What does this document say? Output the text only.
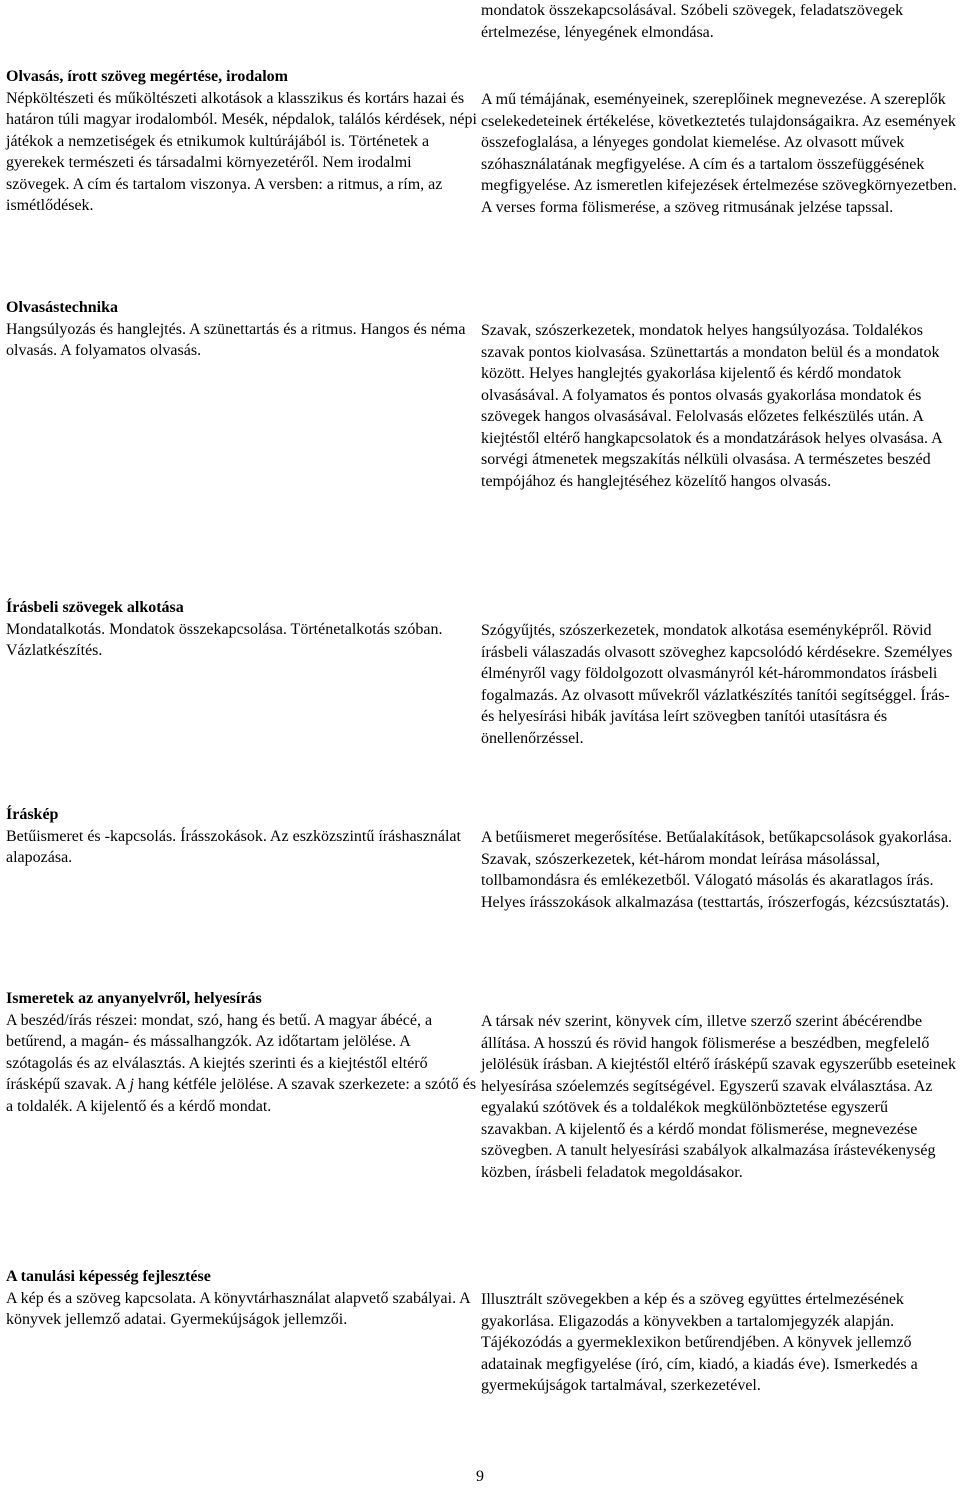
mondatok összekapcsolásával. Szóbeli szövegek, feladatszövegek értelmezése, lényegének elmondása.
Olvasás, írott szöveg megértése, irodalom
Népköltészeti és műköltészeti alkotások a klasszikus és kortárs hazai és határon túli magyar irodalomból. Mesék, népdalok, találós kérdések, népi játékok a nemzetiségek és etnikumok kultúrájából is. Történetek a gyerekek természeti és társadalmi környezetéről. Nem irodalmi szövegek. A cím és tartalom viszonya. A versben: a ritmus, a rím, az ismétlődések.
A mű témájának, eseményeinek, szereplőinek megnevezése. A szereplők cselekedeteinek értékelése, következtetés tulajdonságaikra. Az események összefoglalása, a lényeges gondolat kiemelése. Az olvasott művek szóhasználatának megfigyelése. A cím és a tartalom összefüggésének megfigyelése. Az ismeretlen kifejezések értelmezése szövegkörnyezetben. A verses forma fölismerése, a szöveg ritmusának jelzése tapssal.
Olvasástechnika
Hangsúlyozás és hanglejtés. A szünettartás és a ritmus. Hangos és néma olvasás. A folyamatos olvasás.
Szavak, szószerkezetek, mondatok helyes hangsúlyozása. Toldalékos szavak pontos kiolvasása. Szünettartás a mondaton belül és a mondatok között. Helyes hanglejtés gyakorlása kijelentő és kérdő mondatok olvasásával. A folyamatos és pontos olvasás gyakorlása mondatok és szövegek hangos olvasásával. Felolvasás előzetes felkészülés után. A kiejtéstől eltérő hangkapcsolatok és a mondatzárások helyes olvasása. A sorvégi átmenetek megszakítás nélküli olvasása. A természetes beszéd tempójához és hanglejtéséhez közelítő hangos olvasás.
Írásbeli szövegek alkotása
Mondatalkotás. Mondatok összekapcsolása. Történetalkotás szóban. Vázlatkészítés.
Szógyűjtés, szószerkezetek, mondatok alkotása eseményképről. Rövid írásbeli válaszadás olvasott szöveghez kapcsolódó kérdésekre. Személyes élményről vagy földolgozott olvasmányról két-hárommondatos írásbeli fogalmazás. Az olvasott művekről vázlatkészítés tanítói segítséggel. Írás- és helyesírási hibák javítása leírt szövegben tanítói utasításra és önellenőrzéssel.
Íráskép
Betűismeret és -kapcsolás. Írásszokások. Az eszközszintű íráshasználat alapozása.
A betűismeret megerősítése. Betűalakítások, betűkapcsolások gyakorlása. Szavak, szószerkezetek, két-három mondat leírása másolással, tollbamondásra és emlékezetből. Válogató másolás és akaratlagos írás. Helyes írásszokások alkalmazása (testtartás, írószerfogás, kézcsúsztatás).
Ismeretek az anyanyelvről, helyesírás
A beszéd/írás részei: mondat, szó, hang és betű. A magyar ábécé, a betűrend, a magán- és mássalhangzók. Az időtartam jelölése. A szótagolás és az elválasztás. A kiejtés szerinti és a kiejtéstől eltérő írásképű szavak. A j hang kétféle jelölése. A szavak szerkezete: a szótő és a toldalék. A kijelentő és a kérdő mondat.
A társak név szerint, könyvek cím, illetve szerző szerint ábécérendbe állítása. A hosszú és rövid hangok fölismerése a beszédben, megfelelő jelölésük írásban. A kiejtéstől eltérő írásképű szavak egyszerűbb eseteinek helyesírása szóelemzés segítségével. Egyszerű szavak elválasztása. Az egyalakú szótövek és a toldalékok megkülönböztetése egyszerű szavakban. A kijelentő és a kérdő mondat fölismerése, megnevezése szövegben. A tanult helyesírási szabályok alkalmazása írástevékenység közben, írásbeli feladatok megoldásakor.
A tanulási képesség fejlesztése
A kép és a szöveg kapcsolata. A könyvtárhasználat alapvető szabályai. A könyvek jellemző adatai. Gyermekújságok jellemzői.
Illusztrált szövegekben a kép és a szöveg együttes értelmezésének gyakorlása. Eligazodás a könyvekben a tartalomjegyzék alapján. Tájékozódás a gyermeklexikon betűrendjében. A könyvek jellemző adatainak megfigyelése (író, cím, kiadó, a kiadás éve). Ismerkedés a gyermekújságok tartalmával, szerkezetével.
9
